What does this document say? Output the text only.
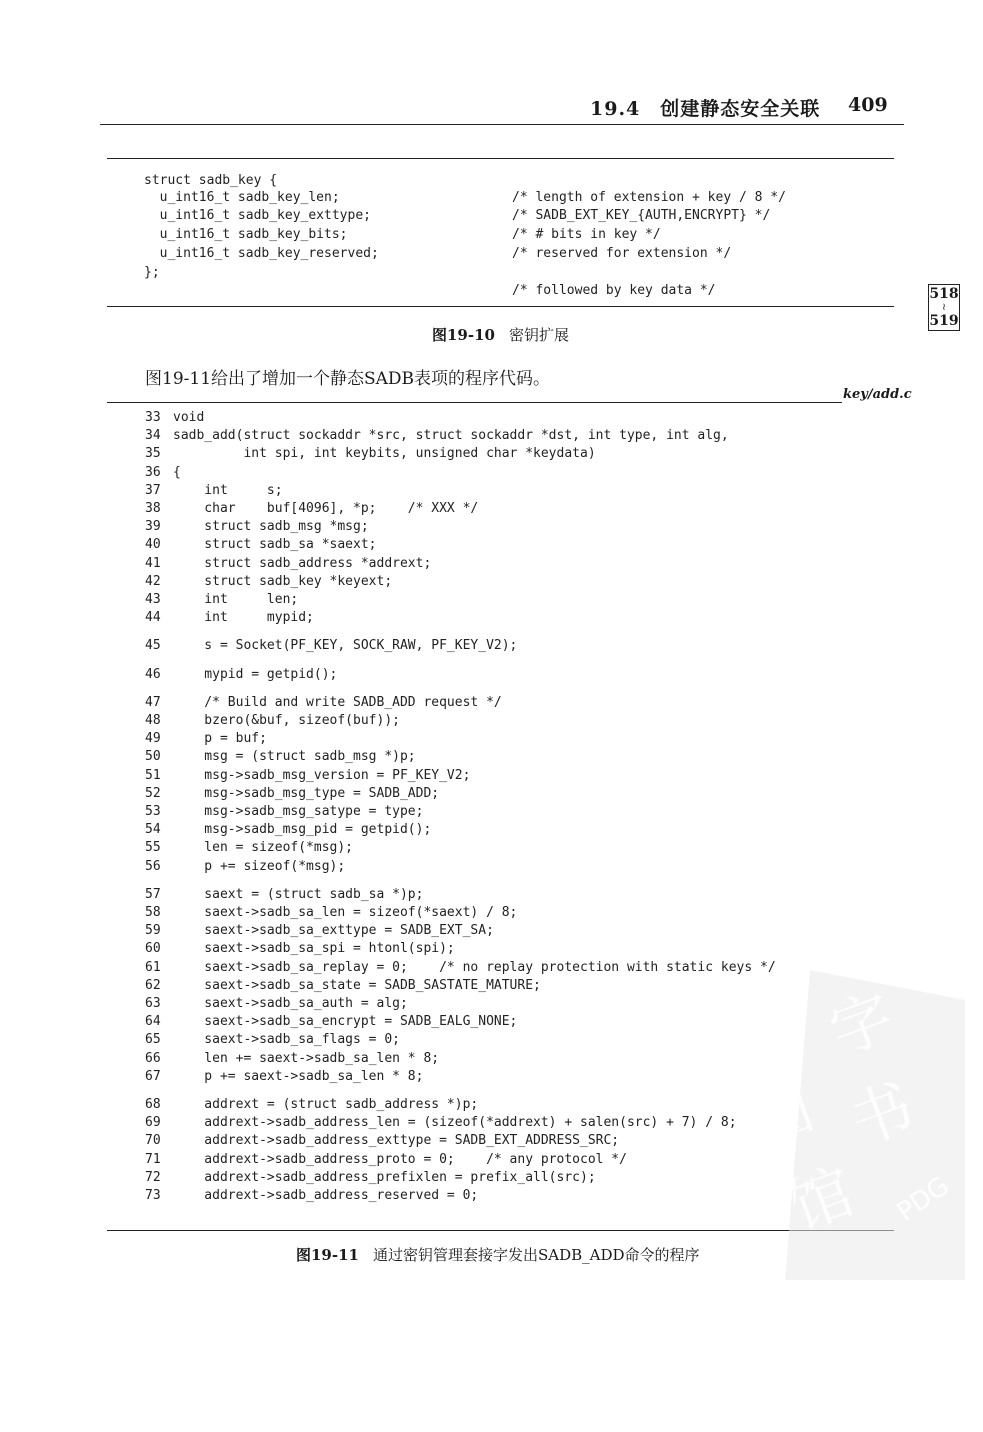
19.4　创建静态安全关联 409
struct sadb_key {
u_int16_t sadb_key_len;	/* length of extension + key / 8 */
u_int16_t sadb_key_exttype;	/* SADB_EXT_KEY_{AUTH,ENCRYPT} */
u_int16_t sadb_key_bits;	/* # bits in key */
u_int16_t sadb_key_reserved;	/* reserved for extension */
};
/* followed by key data */
图19-10 密钥扩展
518
≀
519
图19-11给出了增加一个静态SADB表项的程序代码。
key/add.c
33 void
34 sadb_add(struct sockaddr *src, struct sockaddr *dst, int type, int alg,
35         int spi, int keybits, unsigned char *keydata)
36 {
37    int     s;
38    char    buf[4096], *p;    /* XXX */
39    struct sadb_msg *msg;
40    struct sadb_sa *saext;
41    struct sadb_address *addrext;
42    struct sadb_key *keyext;
43    int     len;
44    int     mypid;
45    s = Socket(PF_KEY, SOCK_RAW, PF_KEY_V2);
46    mypid = getpid();
47    /* Build and write SADB_ADD request */
48    bzero(&buf, sizeof(buf));
49    p = buf;
50    msg = (struct sadb_msg *)p;
51    msg->sadb_msg_version = PF_KEY_V2;
52    msg->sadb_msg_type = SADB_ADD;
53    msg->sadb_msg_satype = type;
54    msg->sadb_msg_pid = getpid();
55    len = sizeof(*msg);
56    p += sizeof(*msg);
57    saext = (struct sadb_sa *)p;
58    saext->sadb_sa_len = sizeof(*saext) / 8;
59    saext->sadb_sa_exttype = SADB_EXT_SA;
60    saext->sadb_sa_spi = htonl(spi);
61    saext->sadb_sa_replay = 0;    /* no replay protection with static keys */
62    saext->sadb_sa_state = SADB_SASTATE_MATURE;
63    saext->sadb_sa_auth = alg;
64    saext->sadb_sa_encrypt = SADB_EALG_NONE;
65    saext->sadb_sa_flags = 0;
66    len += saext->sadb_sa_len * 8;
67    p += saext->sadb_sa_len * 8;
68    addrext = (struct sadb_address *)p;
69    addrext->sadb_address_len = (sizeof(*addrext) + salen(src) + 7) / 8;
70    addrext->sadb_address_exttype = SADB_EXT_ADDRESS_SRC;
71    addrext->sadb_address_proto = 0;    /* any protocol */
72    addrext->sadb_address_prefixlen = prefix_all(src);
73    addrext->sadb_address_reserved = 0;
图19-11 通过密钥管理套接字发出SADB_ADD命令的程序
数 字
图 书
馆 PDG
